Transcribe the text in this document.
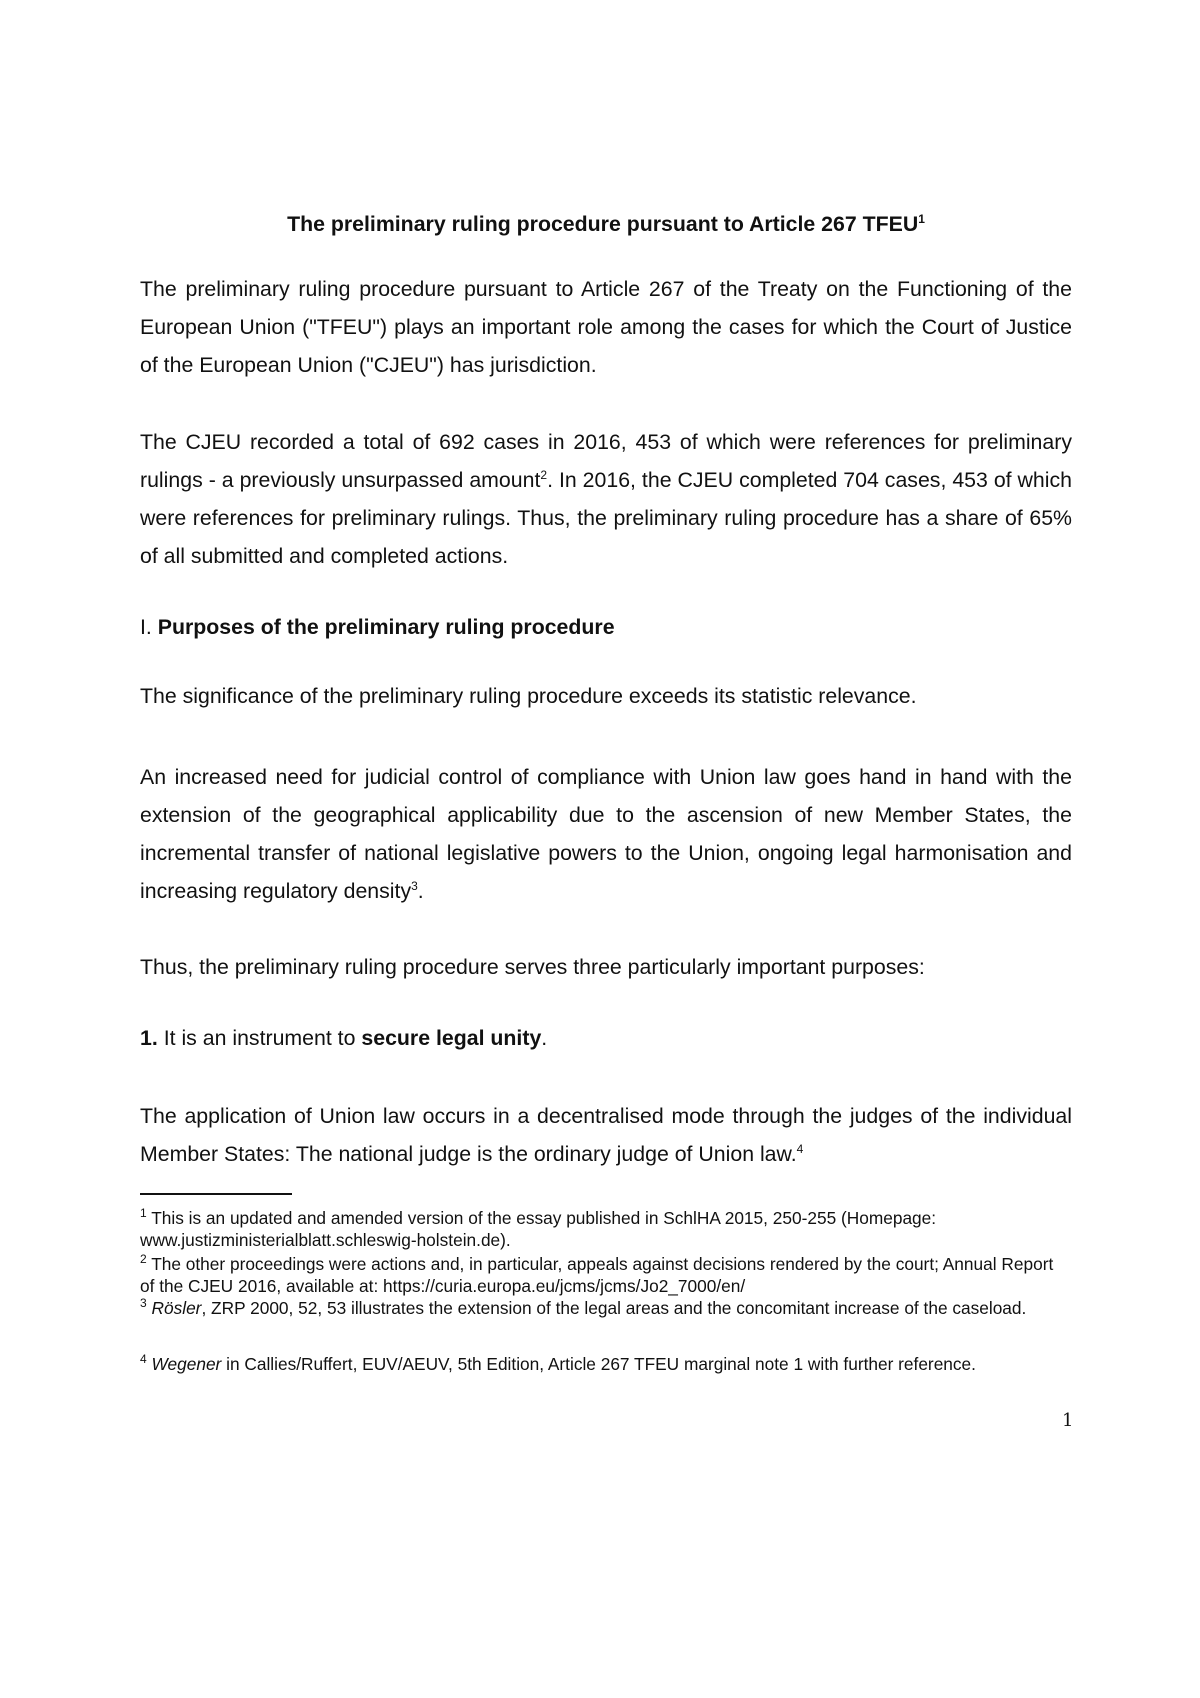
The preliminary ruling procedure pursuant to Article 267 TFEU$^1$

The preliminary ruling procedure pursuant to Article 267 of the Treaty on the Functioning of the European Union ("TFEU") plays an important role among the cases for which the Court of Justice of the European Union ("CJEU") has jurisdiction.

The CJEU recorded a total of 692 cases in 2016, 453 of which were references for preliminary rulings - a previously unsurpassed amount$^2$. In 2016, the CJEU completed 704 cases, 453 of which were references for preliminary rulings. Thus, the preliminary ruling procedure has a share of 65% of all submitted and completed actions.

I. Purposes of the preliminary ruling procedure

The significance of the preliminary ruling procedure exceeds its statistic relevance.

An increased need for judicial control of compliance with Union law goes hand in hand with the extension of the geographical applicability due to the ascension of new Member States, the incremental transfer of national legislative powers to the Union, ongoing legal harmonisation and increasing regulatory density$^3$.

Thus, the preliminary ruling procedure serves three particularly important purposes:

1. It is an instrument to secure legal unity.

The application of Union law occurs in a decentralised mode through the judges of the individual Member States: The national judge is the ordinary judge of Union law.$^4$

$^1$ This is an updated and amended version of the essay published in SchlHA 2015, 250-255 (Homepage: www.justizministerialblatt.schleswig-holstein.de).

$^2$ The other proceedings were actions and, in particular, appeals against decisions rendered by the court; Annual Report of the CJEU 2016, available at: https://curia.europa.eu/jcms/jcms/Jo2_7000/en/

$^3$ Rösler, ZRP 2000, 52, 53 illustrates the extension of the legal areas and the concomitant increase of the caseload.

$^4$ Wegener in Callies/Ruffert, EUV/AEUV, 5th Edition, Article 267 TFEU marginal note 1 with further reference.

1
